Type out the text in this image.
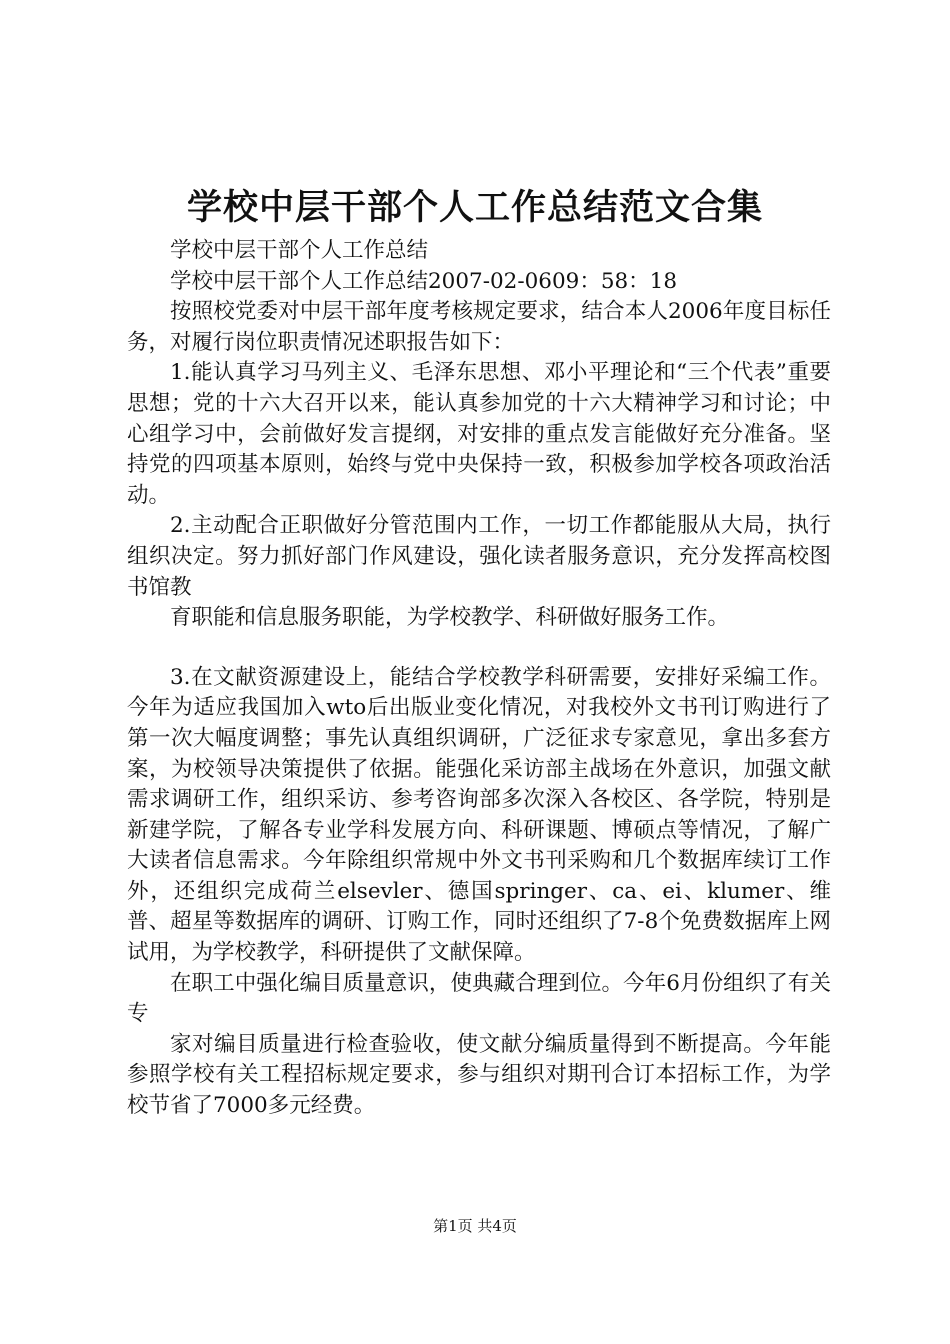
学校中层干部个人工作总结范文合集

学校中层干部个人工作总结

学校中层干部个人工作总结2007-02-0609：58：18

按照校党委对中层干部年度考核规定要求，结合本人2006年度目标任务，对履行岗位职责情况述职报告如下：

1.能认真学习马列主义、毛泽东思想、邓小平理论和“三个代表”重要思想；党的十六大召开以来，能认真参加党的十六大精神学习和讨论；中心组学习中，会前做好发言提纲，对安排的重点发言能做好充分准备。坚持党的四项基本原则，始终与党中央保持一致，积极参加学校各项政治活动。

2.主动配合正职做好分管范围内工作，一切工作都能服从大局，执行组织决定。努力抓好部门作风建设，强化读者服务意识，充分发挥高校图书馆教

育职能和信息服务职能，为学校教学、科研做好服务工作。

3.在文献资源建设上，能结合学校教学科研需要，安排好采编工作。今年为适应我国加入wto后出版业变化情况，对我校外文书刊订购进行了第一次大幅度调整；事先认真组织调研，广泛征求专家意见，拿出多套方案，为校领导决策提供了依据。能强化采访部主战场在外意识，加强文献需求调研工作，组织采访、参考咨询部多次深入各校区、各学院，特别是新建学院，了解各专业学科发展方向、科研课题、博硕点等情况，了解广大读者信息需求。今年除组织常规中外文书刊采购和几个数据库续订工作外，还组织完成荷兰elsevler、德国springer、ca、ei、klumer、维普、超星等数据库的调研、订购工作，同时还组织了7-8个免费数据库上网试用，为学校教学，科研提供了文献保障。

在职工中强化编目质量意识，使典藏合理到位。今年6月份组织了有关专

家对编目质量进行检查验收，使文献分编质量得到不断提高。今年能参照学校有关工程招标规定要求，参与组织对期刊合订本招标工作，为学校节省了7000多元经费。

第1页 共4页
